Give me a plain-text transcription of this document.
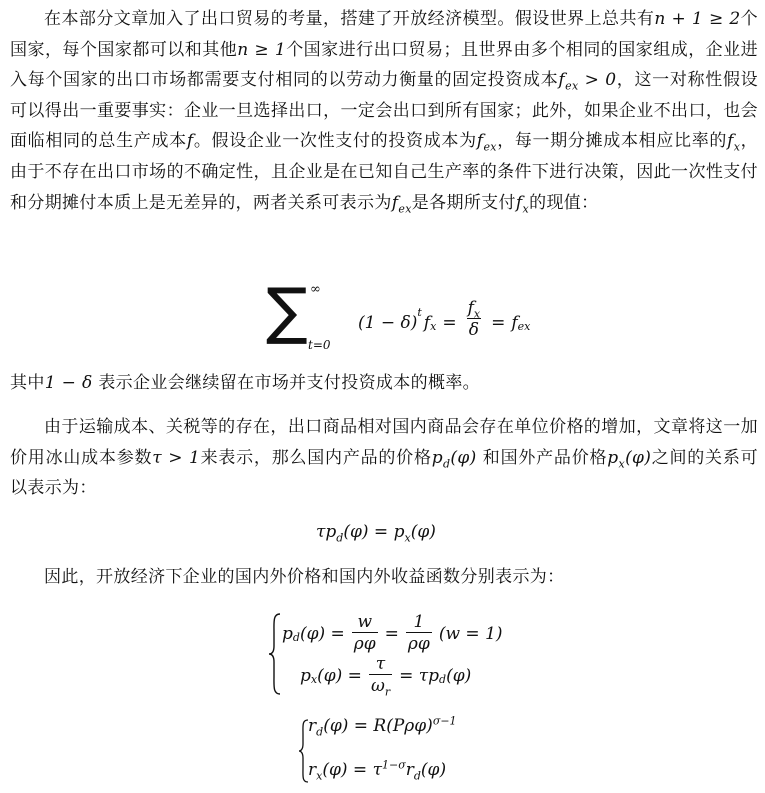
在本部分文章加入了出口贸易的考量，搭建了开放经济模型。假设世界上总共有n + 1 ≥ 2个国家，每个国家都可以和其他n ≥ 1个国家进行出口贸易；且世界由多个相同的国家组成，企业进入每个国家的出口市场都需要支付相同的以劳动力衡量的固定投资成本$f_{ex} > 0$，这一对称性假设可以得出一重要事实：企业一旦选择出口，一定会出口到所有国家；此外，如果企业不出口，也会面临相同的总生产成本f。假设企业一次性支付的投资成本为$f_{ex}$，每一期分摊成本相应比率的$f_x$，由于不存在出口市场的不确定性，且企业是在已知自己生产率的条件下进行决策，因此一次性支付和分期摊付本质上是无差异的，两者关系可表示为$f_{ex}$是各期所支付$f_x$的现值：
∑ ∞
t=0
(1 − δ)
$^t$
$f_x = \frac{f_x}{\delta} = f_{ex}$
其中1 − δ 表示企业会继续留在市场并支付投资成本的概率。
由于运输成本、关税等的存在，出口商品相对国内商品会存在单位价格的增加，文章将这一加价用冰山成本参数τ > 1来表示，那么国内产品的价格$p_d(\varphi)$ 和国外产品价格$p_x(\varphi)$之间的关系可以表示为：
$\tau p_d(\varphi) = p_x(\varphi)$
因此，开放经济下企业的国内外价格和国内外收益函数分别表示为：
$p_d$ $(\varphi) = \frac{w}{\rho\varphi} = \frac{1}{\rho\varphi} (w = 1)$
$p_x$ $(\varphi) = \frac{\tau}{\omega_r} = \tau p_d$ (φ)
$r_d(\varphi) = R(P\rho\varphi)^{\sigma-1}$
$r_x(\varphi) = \tau^{1-\sigma}r_d(\varphi)$
